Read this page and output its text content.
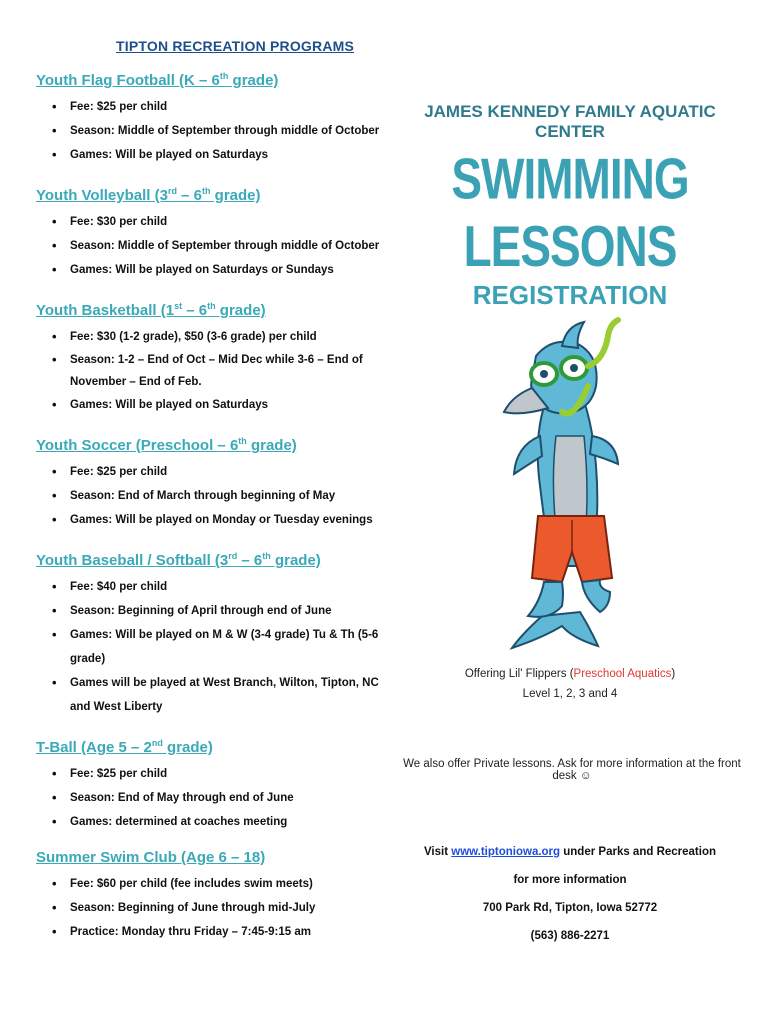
TIPTON RECREATION PROGRAMS
Youth Flag Football (K – 6th grade)
• Fee: $25 per child
• Season: Middle of September through middle of October
• Games: Will be played on Saturdays
Youth Volleyball (3rd – 6th grade)
• Fee: $30 per child
• Season: Middle of September through middle of October
• Games: Will be played on Saturdays or Sundays
Youth Basketball (1st – 6th grade)
• Fee: $30 (1-2 grade), $50 (3-6 grade) per child
• Season: 1-2 – End of Oct – Mid Dec while 3-6 – End of November – End of Feb.
• Games: Will be played on Saturdays
Youth Soccer (Preschool – 6th grade)
• Fee: $25 per child
• Season: End of March through beginning of May
• Games: Will be played on Monday or Tuesday evenings
Youth Baseball / Softball (3rd – 6th grade)
• Fee: $40 per child
• Season: Beginning of April through end of June
• Games: Will be played on M & W (3-4 grade) Tu & Th (5-6 grade)
• Games will be played at West Branch, Wilton, Tipton, NC and West Liberty
T-Ball (Age 5 – 2nd grade)
• Fee: $25 per child
• Season: End of May through end of June
• Games: determined at coaches meeting
Summer Swim Club (Age 6 – 18)
• Fee: $60 per child (fee includes swim meets)
• Season: Beginning of June through mid-July
• Practice: Monday thru Friday – 7:45-9:15 am
JAMES KENNEDY FAMILY AQUATIC CENTER
SWIMMING LESSONS
REGISTRATION
Offering Lil' Flippers (Preschool Aquatics)
Level 1, 2, 3 and 4
We also offer Private lessons. Ask for more information at the front desk ☺
Visit www.tiptoniowa.org under Parks and Recreation
for more information
700 Park Rd, Tipton, Iowa 52772
(563) 886-2271
